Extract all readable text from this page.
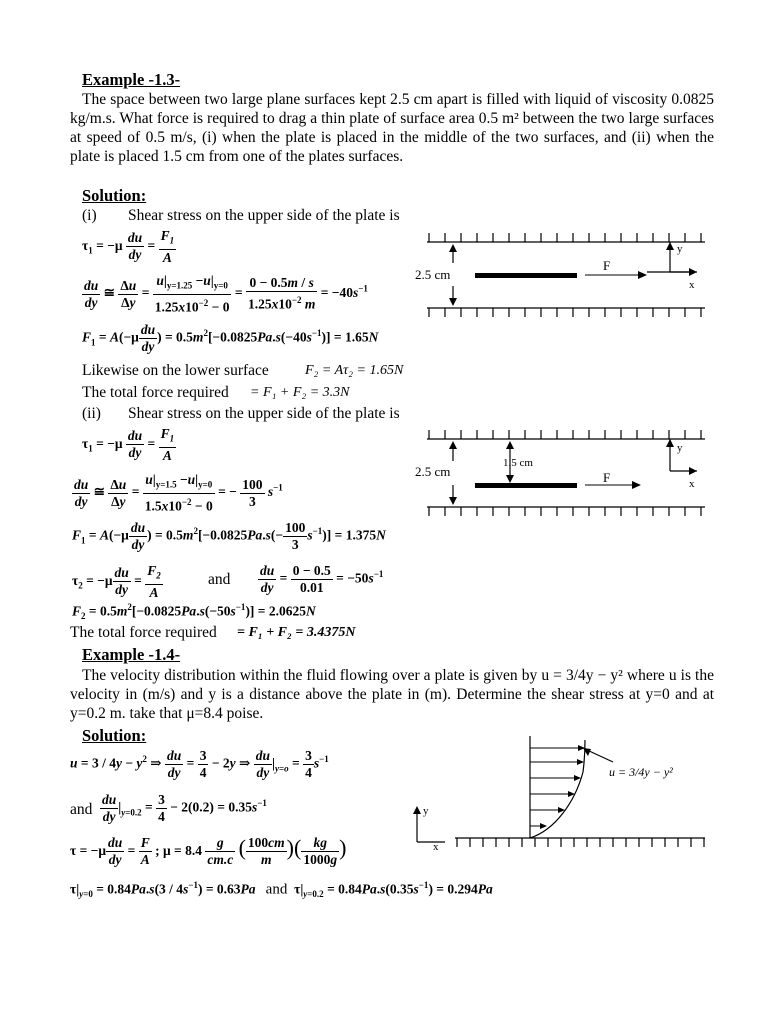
Example -1.3-
The space between two large plane surfaces kept 2.5 cm apart is filled with liquid of viscosity 0.0825 kg/m.s. What force is required to drag a thin plate of surface area 0.5 m² between the two large surfaces at speed of 0.5 m/s, (i) when the plate is placed in the middle of the two surfaces, and (ii) when the plate is placed 1.5 cm from one of the plates surfaces.
Solution:
(i) Shear stress on the upper side of the plate is
$\tau_1 = -\mu \frac{du}{dy} = \frac{F_1}{A}$
$\frac{du}{dy}$ ≅ $\frac{\Delta u}{\Delta y} = \frac{u|_{y=1.25} -u|_{y=0}}{1.25x10^{-2} - 0} = \frac{0 - 0.5m / s}{1.25x10^{-2} m} = -40s^{-1}$
$F_1 = A(-\mu \frac{du}{dy}$ ) = $0.5m^2[-0.0825Pa.s(-40s^{-1})] = 1.65N$
Likewise on the lower surface	F₂ = Aτ₂ = 1.65N
The total force required = F₁ + F₂ = 3.3N
(ii) Shear stress on the upper side of the plate is
$\tau_1 = -\mu \frac{du}{dy} = \frac{F_1}{A}$
$\frac{du}{dy}$ ≅ $\frac{\Delta u}{\Delta y} = \frac{u|_{y=1.5} -u|_{y=0}}{1.5x10^{-2} - 0}$ = − $\frac{100}{3} s^{-1}$
$F_1 = A(-\mu \frac{du}{dy}$ ) = $0.5m^2[-0.0825Pa.s(- \frac{100}{3} s^{-1})] = 1.375N$
$\tau_2 = -\mu \frac{du}{dy} = \frac{F_2}{A}$	and $\frac{du}{dy} = \frac{0 - 0.5}{0.01} = -50s^{-1}$
$F_2 = 0.5m^2[-0.0825Pa.s(-50s^{-1})] = 2.0625N$
The total force required = F₁ + F₂ = 3.4375N
2.5 cm
F
y
x
2.5 cm
1.5 cm
F
y
x
Example -1.4-
The velocity distribution within the fluid flowing over a plate is given by u = 3/4y − y² where u is the velocity in (m/s) and y is a distance above the plate in (m). Determine the shear stress at y=0 and at y=0.2 m. take that μ=8.4 poise.
Solution:
$u = 3 / 4y - y^2$ ⇒ $\frac{du}{dy} = \frac{3}{4} - 2y$ ⇒ $\frac{du}{dy} |_{y=o} = \frac{3}{4} s^{-1}$
and $\frac{du}{dy} |_{y=0.2} = \frac{3}{4} - 2(0.2) = 0.35s^{-1}$
$\tau = -\mu \frac{du}{dy} = \frac{F}{A}$ ; $\mu = 8.4 \frac{g}{cm.c}$ ( $\frac{100cm}{m}$ )( $\frac{kg}{1000g}$ )
$\tau|_{y=0} = 0.84Pa.s(3 / 4s^{-1}) = 0.63Pa$ and  $\tau|_{y=0.2} = 0.84Pa.s(0.35s^{-1}) = 0.294Pa$
u = 3/4y − y²
y
x
